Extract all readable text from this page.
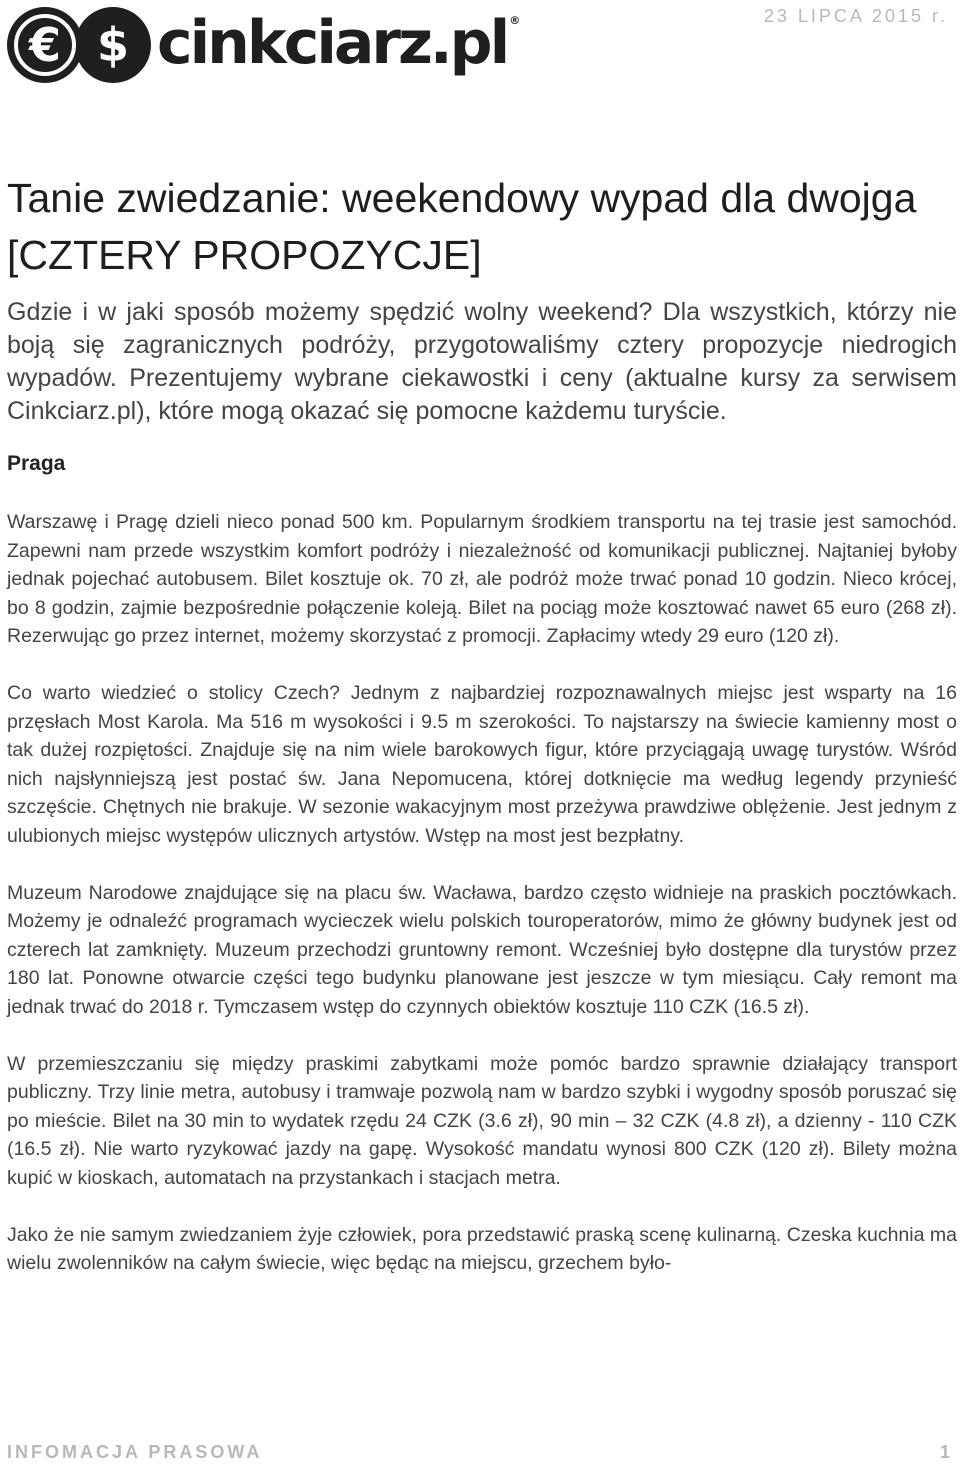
€ $ cinkciarz.pl ®	23 LIPCA 2015 r.
Tanie zwiedzanie: weekendowy wypad dla dwojga [CZTERY PROPOZYCJE]

Gdzie i w jaki sposób możemy spędzić wolny weekend? Dla wszystkich, którzy nie boją się zagranicznych podróży, przygotowaliśmy cztery propozycje niedrogich wypadów. Prezentujemy wybrane ciekawostki i ceny (aktualne kursy za serwisem Cinkciarz.pl), które mogą okazać się pomocne każdemu turyście.

Praga

Warszawę i Pragę dzieli nieco ponad 500 km. Popularnym środkiem transportu na tej trasie jest samochód. Zapewni nam przede wszystkim komfort podróży i niezależność od komunikacji publicznej. Najtaniej byłoby jednak pojechać autobusem. Bilet kosztuje ok. 70 zł, ale podróż może trwać ponad 10 godzin. Nieco krócej, bo 8 godzin, zajmie bezpośrednie połączenie koleją. Bilet na pociąg może kosztować nawet 65 euro (268 zł). Rezerwując go przez internet, możemy skorzystać z promocji. Zapłacimy wtedy 29 euro (120 zł).

Co warto wiedzieć o stolicy Czech? Jednym z najbardziej rozpoznawalnych miejsc jest wsparty na 16 przęsłach Most Karola. Ma 516 m wysokości i 9.5 m szerokości. To najstarszy na świecie kamienny most o tak dużej rozpiętości. Znajduje się na nim wiele barokowych figur, które przyciągają uwagę turystów. Wśród nich najsłynniejszą jest postać św. Jana Nepomucena, której dotknięcie ma według legendy przynieść szczęście. Chętnych nie brakuje. W sezonie wakacyjnym most przeżywa prawdziwe oblężenie. Jest jednym z ulubionych miejsc występów ulicznych artystów. Wstęp na most jest bezpłatny.

Muzeum Narodowe znajdujące się na placu św. Wacława, bardzo często widnieje na praskich pocztówkach. Możemy je odnaleźć programach wycieczek wielu polskich touroperatorów, mimo że główny budynek jest od czterech lat zamknięty. Muzeum przechodzi gruntowny remont. Wcześniej było dostępne dla turystów przez 180 lat. Ponowne otwarcie części tego budynku planowane jest jeszcze w tym miesiącu. Cały remont ma jednak trwać do 2018 r. Tymczasem wstęp do czynnych obiektów kosztuje 110 CZK (16.5 zł).

W przemieszczaniu się między praskimi zabytkami może pomóc bardzo sprawnie działający transport publiczny. Trzy linie metra, autobusy i tramwaje pozwolą nam w bardzo szybki i wygodny sposób poruszać się po mieście. Bilet na 30 min to wydatek rzędu 24 CZK (3.6 zł), 90 min – 32 CZK (4.8 zł), a dzienny - 110 CZK (16.5 zł). Nie warto ryzykować jazdy na gapę. Wysokość mandatu wynosi 800 CZK (120 zł). Bilety można kupić w kioskach, automatach na przystankach i stacjach metra.

Jako że nie samym zwiedzaniem żyje człowiek, pora przedstawić praską scenę kulinarną. Czeska kuchnia ma wielu zwolenników na całym świecie, więc będąc na miejscu, grzechem było-

INFOMACJA PRASOWA	1
